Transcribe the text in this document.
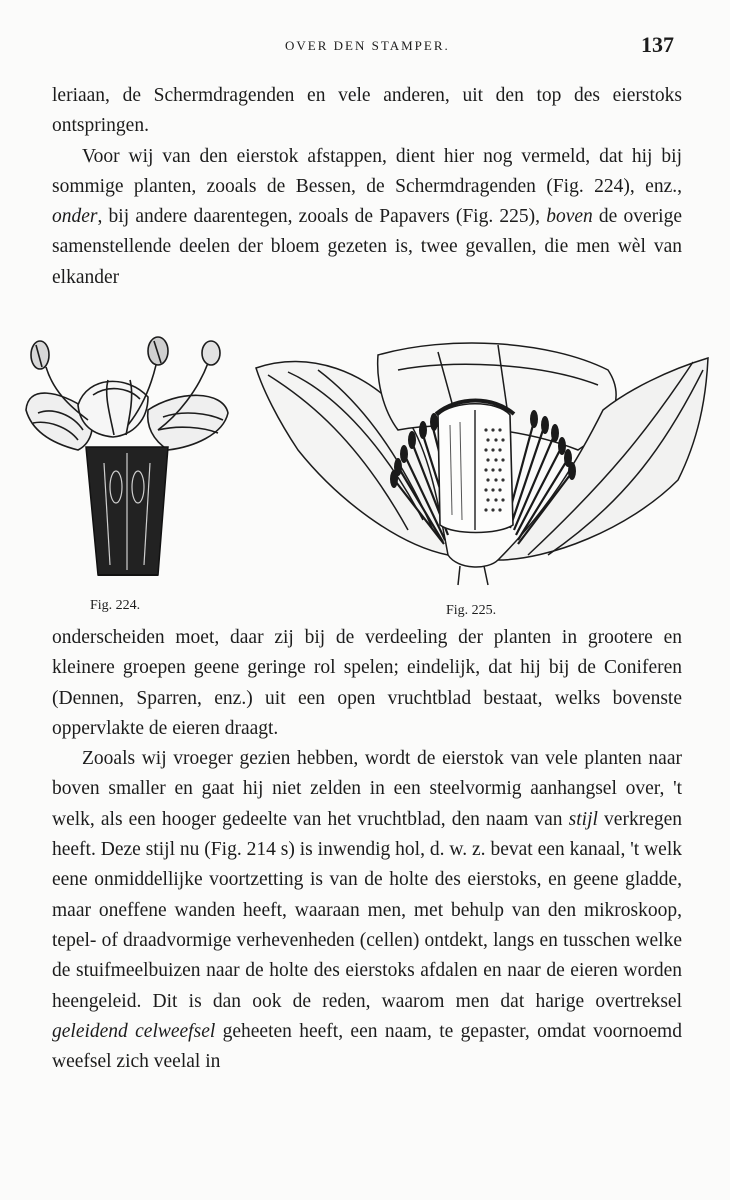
OVER DEN STAMPER.	137

leriaan, de Schermdragenden en vele anderen, uit den top des eierstoks ontspringen.

Voor wij van den eierstok afstappen, dient hier nog vermeld, dat hij bij sommige planten, zooals de Bessen, de Schermdragenden (Fig. 224), enz., onder, bij andere daarentegen, zooals de Papavers (Fig. 225), boven de overige samenstellende deelen der bloem gezeten is, twee gevallen, die men wèl van elkander

Fig. 224.	Fig. 225.

onderscheiden moet, daar zij bij de verdeeling der planten in grootere en kleinere groepen geene geringe rol spelen; eindelijk, dat hij bij de Coniferen (Dennen, Sparren, enz.) uit een open vruchtblad bestaat, welks bovenste oppervlakte de eieren draagt.

Zooals wij vroeger gezien hebben, wordt de eierstok van vele planten naar boven smaller en gaat hij niet zelden in een steelvormig aanhangsel over, 't welk, als een hooger gedeelte van het vruchtblad, den naam van stijl verkregen heeft. Deze stijl nu (Fig. 214 s) is inwendig hol, d. w. z. bevat een kanaal, 't welk eene onmiddellijke voortzetting is van de holte des eierstoks, en geene gladde, maar oneffene wanden heeft, waaraan men, met behulp van den mikroskoop, tepel- of draadvormige verhevenheden (cellen) ontdekt, langs en tusschen welke de stuifmeelbuizen naar de holte des eierstoks afdalen en naar de eieren worden heengeleid. Dit is dan ook de reden, waarom men dat harige overtreksel geleidend celweefsel geheeten heeft, een naam, te gepaster, omdat voornoemd weefsel zich veelal in
